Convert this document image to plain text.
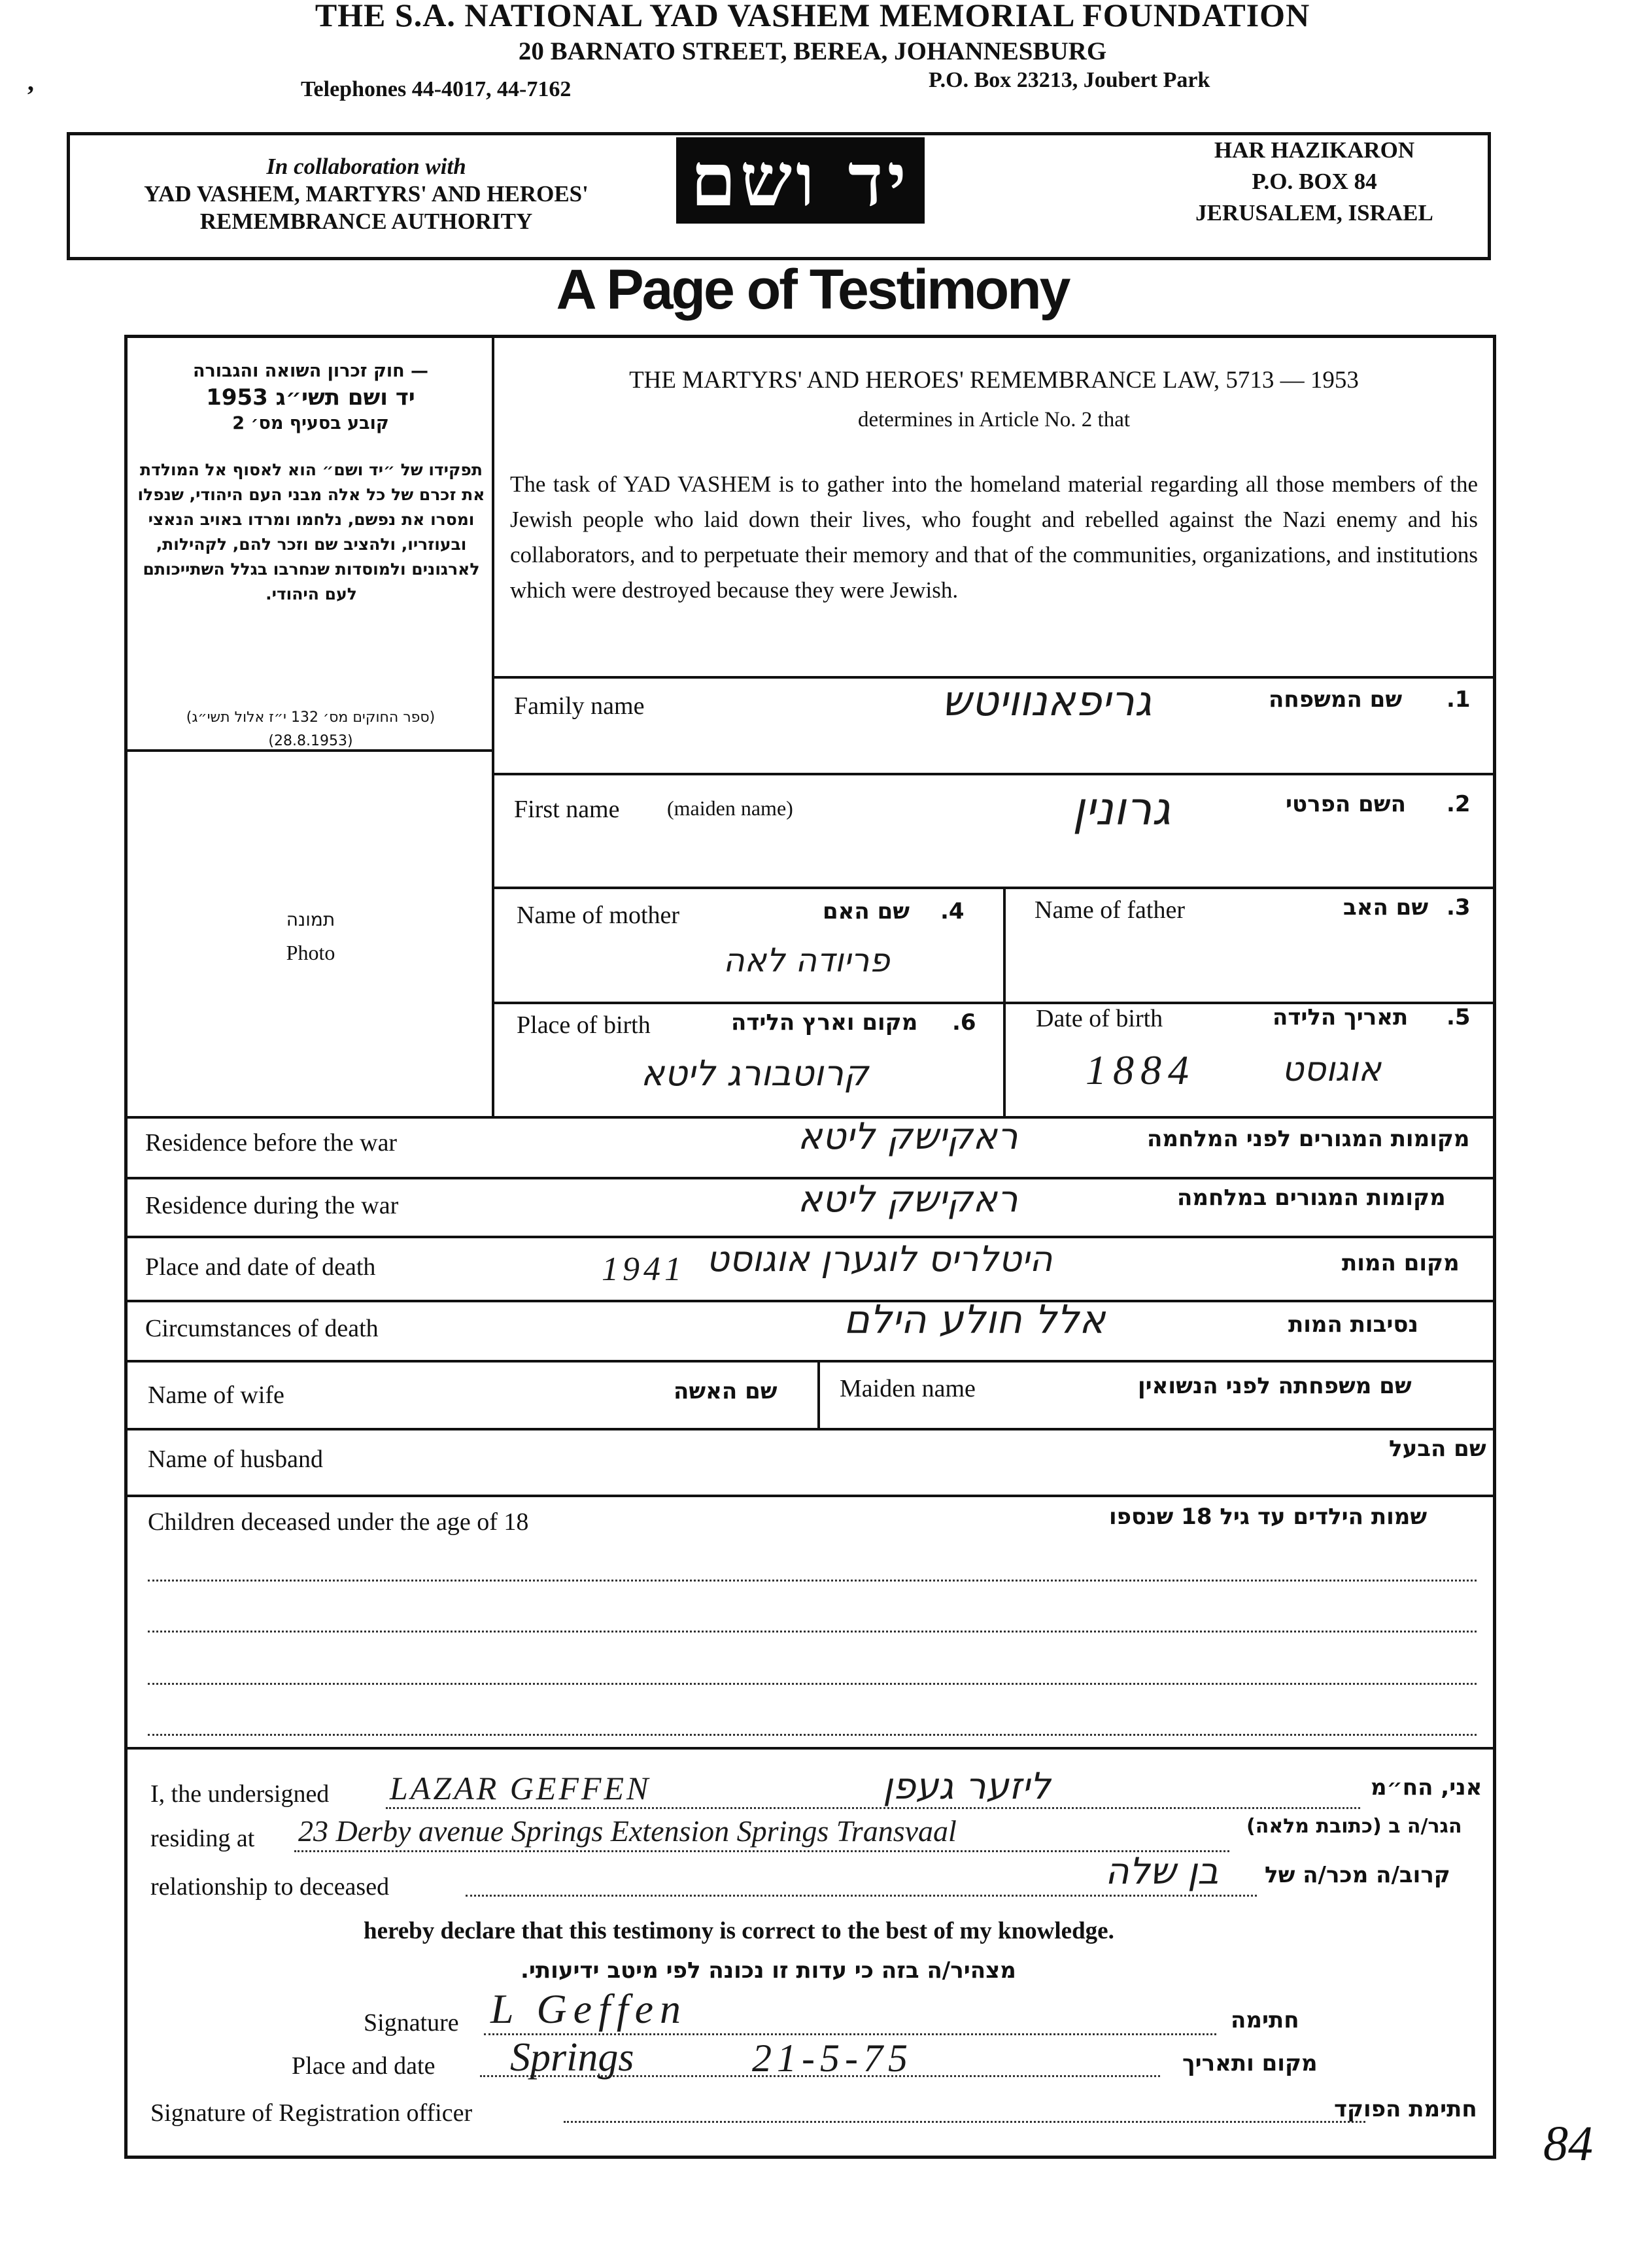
THE S.A. NATIONAL YAD VASHEM MEMORIAL FOUNDATION
20 BARNATO STREET, BEREA, JOHANNESBURG
Telephones 44-4017, 44-7162	P.O. Box 23213, Joubert Park
ʼ
In collaboration with
YAD VASHEM, MARTYRS' AND HEROES'
REMEMBRANCE AUTHORITY	יד ושם	HAR HAZIKARON
P.O. BOX 84
JERUSALEM, ISRAEL
A Page of Testimony
חוק זכרון השואה והגבורה —
יד ושם תשי״ג 1953
קובע בסעיף מס׳ 2
תפקידו של ״יד ושם״ הוא לאסוף אל המולדת את זכרם של כל אלה מבני העם היהודי, שנפלו ומסרו את נפשם, נלחמו ומרדו באויב הנאצי ובעוזריו, ולהציב שם וזכר להם, לקהילות, לארגונים ולמוסדות שנחרבו בגלל השתייכותם לעם היהודי.
(ספר החוקים מס׳ 132 י״ז אלול תשי״ג)
(28.8.1953)
תמונה
Photo
THE MARTYRS' AND HEROES' REMEMBRANCE LAW, 5713 — 1953
determines in Article No. 2 that
The task of YAD VASHEM is to gather into the homeland material regarding all those members of the Jewish people who laid down their lives, who fought and rebelled against the Nazi enemy and his collaborators, and to perpetuate their memory and that of the communities, organizations, and institutions which were destroyed because they were Jewish.
Family name	שם המשפחה 1.
גריפאנוויטש
First name (maiden name)	השם הפרטי 2.
גרונין
Name of mother	שם האם 4.
פריודה לאה
Name of father	שם האב 3.
Place of birth	מקום וארץ הלידה 6.
קרוטבורג ליטא
Date of birth	תאריך הלידה 5.
1884	אוגוסט
Residence before the war	מקומות המגורים לפני המלחמה
ראקישק ליטא
Residence during the war	מקומות המגורים במלחמה
ראקישק ליטא
Place and date of death	מקום המות
1941 היטלריס לוגערן אוגוסט
Circumstances of death	נסיבות המות
אלל חולע הילם
Name of wife	שם האשה	Maiden name	שם משפחתה לפני הנשואין
Name of husband	שם הבעל
Children deceased under the age of 18	שמות הילדים עד גיל 18 שנספו
I, the undersigned LAZAR GEFFEN	ליזער געפן	אני, הח״מ
residing at 23 Derby avenue Springs Extension Springs Transvaal	הגר/ה ב (כתובת מלאה)
relationship to deceased	בן שלה קרוב/ה מכר/ה של
hereby declare that this testimony is correct to the best of my knowledge.
מצהיר/ה בזה כי עדות זו נכונה לפי מיטב ידיעותי.
Signature L Geffen	חתימה
Place and date Springs	21-5-75	מקום ותאריך
Signature of Registration officer	חתימת הפוקד
84
